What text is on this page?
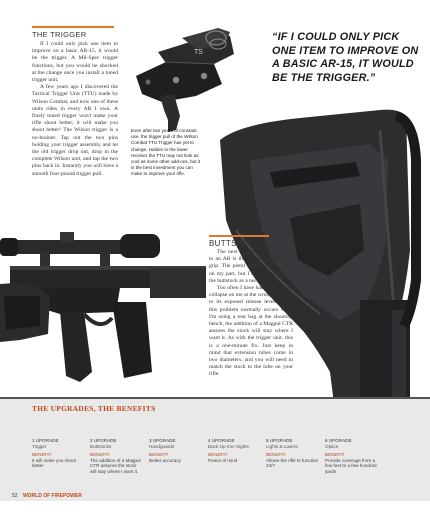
THE TRIGGER

If I could only pick one item to improve on a basic AR-15, it would be the trigger. A Mil-Spec trigger functions, but you would be shocked at the change once you install a tuned trigger unit.

A few years ago I discovered the Tactical Trigger Unit (TTU) made by Wilson Combat, and now one of these units rides in every AR I own. A finely tuned trigger won't make your rifle shoot better; it will make you shoot better! The Wilson trigger is a no-brainer. Tap out the two pins holding your trigger assembly and let the old trigger drop out, drop in the complete Wilson unit, and tap the two pins back in. Instantly you will have a smooth four-pound trigger pull.

TS
Even after two years of constant use, the trigger pull of the Wilson Combat TTU Trigger has yet to change. Hidden in the lower receiver the TTU may not look as cool as some other add-ons, but it is the best investment you can make to improve your rifle.
“IF I COULD ONLY PICK ONE ITEM TO IMPROVE ON A BASIC AR-15, IT WOULD BE THE TRIGGER.”
BUTTSTOCKS

The next change I usually make to an AR is the buttstock and pistol grip. The pistol grip is just a whim on my part, but I consider changing the buttstock as a necessity.

Too often I have had an M4 stock collapse on me at the wrong time due to its exposed release lever. While this problem normally occurs when I'm using a rear bag at the shooting bench, the addition of a Magpul CTR assures the stock will stay where I want it. As with the trigger unit, this is a one-minute fix. Just keep in mind that extension tubes come in two diameters, and you will need to match the stock to the tube on your rifle.

THE UPGRADES, THE BENEFITS
1 UPGRADE
Trigger
BENEFIT
It will make you shoot better
2 UPGRADE
Buttstocks
BENEFIT
The addition of a Magpul CTR assures the stock will stay where I want it.
3 UPGRADE
Handguards
BENEFIT
Better accuracy
4 UPGRADE
Back-Up Iron Sights
BENEFIT
Peace of mind
5 UPGRADE
Lights & Lasers
BENEFIT
Allows the rifle to function 24/7
6 UPGRADE
Optics
BENEFIT
Provide coverage from a few feet to a few hundred yards
52 WORLD OF FIREPOWER
